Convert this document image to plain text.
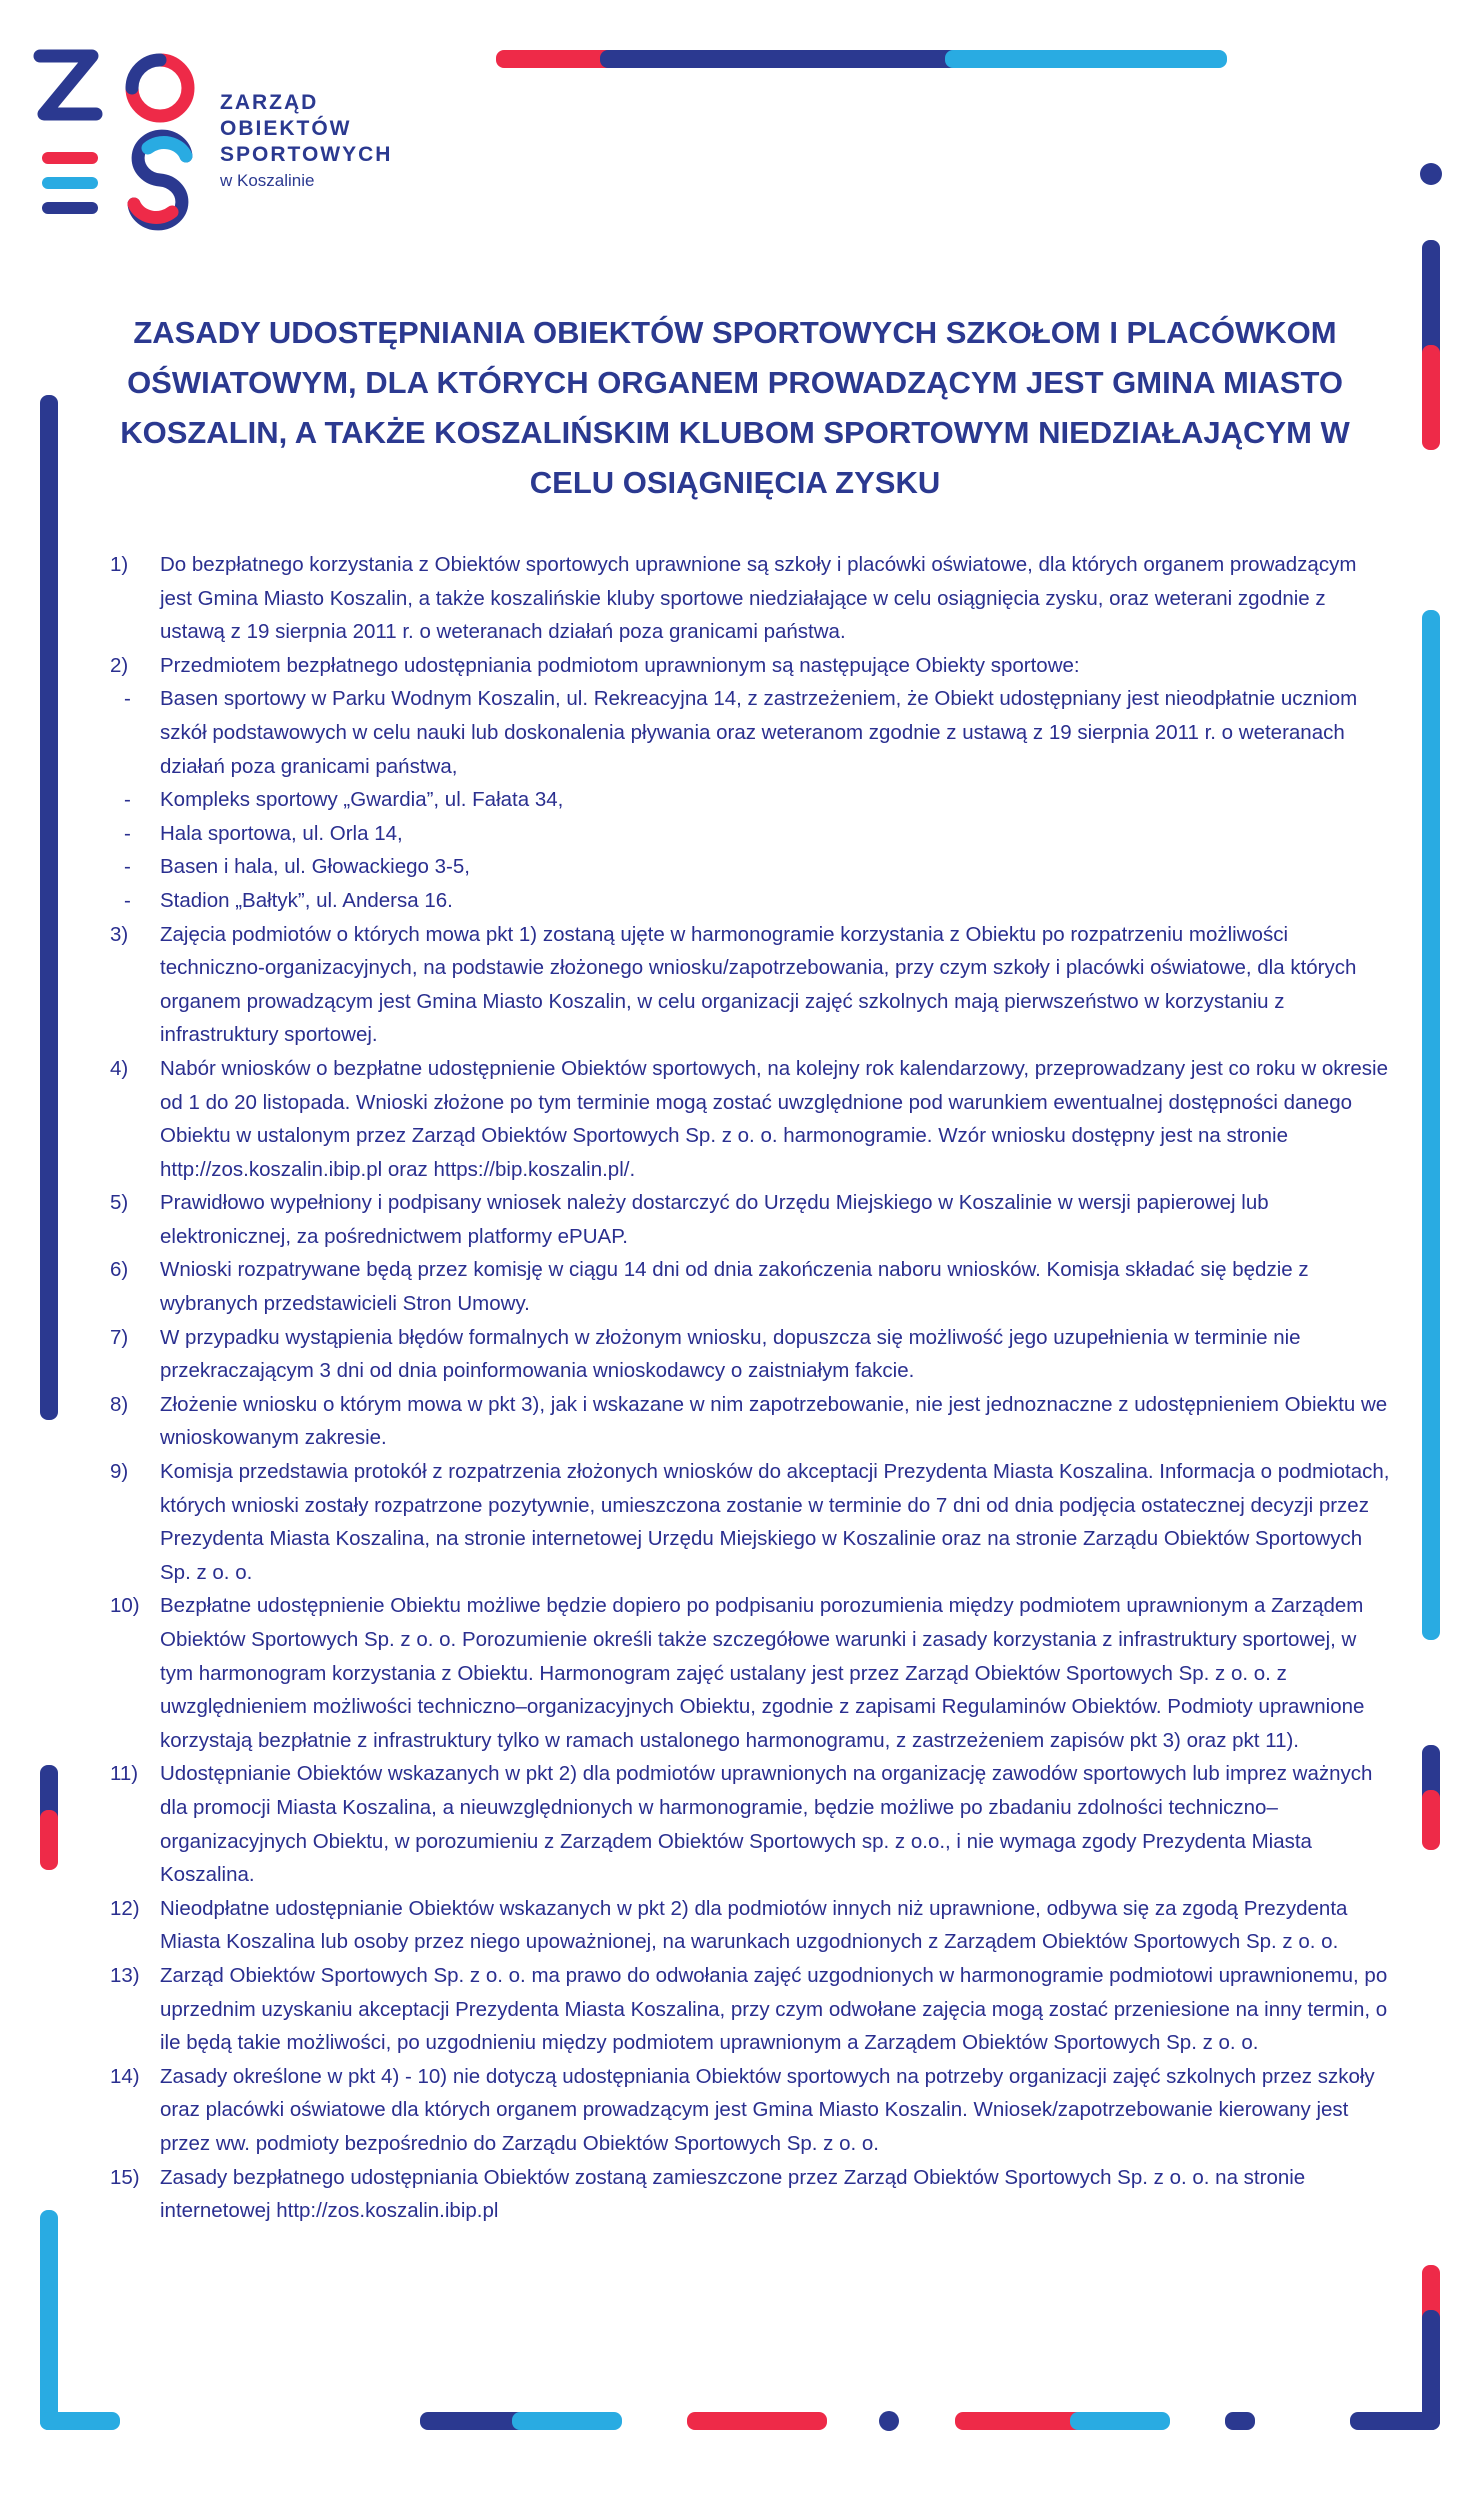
ZARZĄD
OBIEKTÓW
SPORTOWYCH
w Koszalinie
ZASADY UDOSTĘPNIANIA OBIEKTÓW SPORTOWYCH SZKOŁOM I PLACÓWKOM OŚWIATOWYM, DLA KTÓRYCH ORGANEM PROWADZĄCYM JEST GMINA MIASTO KOSZALIN, A TAKŻE KOSZALIŃSKIM KLUBOM SPORTOWYM NIEDZIAŁAJĄCYM W CELU OSIĄGNIĘCIA ZYSKU
1)	Do bezpłatnego korzystania z Obiektów sportowych uprawnione są szkoły i placówki oświatowe, dla których organem prowadzącym jest Gmina Miasto Koszalin, a także koszalińskie kluby sportowe niedziałające w celu osiągnięcia zysku, oraz weterani zgodnie z ustawą z 19 sierpnia 2011 r. o weteranach działań poza granicami państwa.
2)	Przedmiotem bezpłatnego udostępniania podmiotom uprawnionym są następujące Obiekty sportowe:
- Basen sportowy w Parku Wodnym Koszalin, ul. Rekreacyjna 14, z zastrzeżeniem, że Obiekt udostępniany jest nieodpłatnie uczniom szkół podstawowych w celu nauki lub doskonalenia pływania oraz weteranom zgodnie z ustawą z 19 sierpnia 2011 r. o weteranach działań poza granicami państwa,
- Kompleks sportowy „Gwardia”, ul. Fałata 34,
- Hala sportowa, ul. Orla 14,
- Basen i hala, ul. Głowackiego 3-5,
- Stadion „Bałtyk”, ul. Andersa 16.
3)	Zajęcia podmiotów o których mowa pkt 1) zostaną ujęte w harmonogramie korzystania z Obiektu po rozpatrzeniu możliwości techniczno-organizacyjnych, na podstawie złożonego wniosku/zapotrzebowania, przy czym szkoły i placówki oświatowe, dla których organem prowadzącym jest Gmina Miasto Koszalin, w celu organizacji zajęć szkolnych mają pierwszeństwo w korzystaniu z infrastruktury sportowej.
4)	Nabór wniosków o bezpłatne udostępnienie Obiektów sportowych, na kolejny rok kalendarzowy, przeprowadzany jest co roku w okresie od 1 do 20 listopada. Wnioski złożone po tym terminie mogą zostać uwzględnione pod warunkiem ewentualnej dostępności danego Obiektu w ustalonym przez Zarząd Obiektów Sportowych Sp. z o. o. harmonogramie. Wzór wniosku dostępny jest na stronie http://zos.koszalin.ibip.pl oraz https://bip.koszalin.pl/.
5)	Prawidłowo wypełniony i podpisany wniosek należy dostarczyć do Urzędu Miejskiego w Koszalinie w wersji papierowej lub elektronicznej, za pośrednictwem platformy ePUAP.
6)	Wnioski rozpatrywane będą przez komisję w ciągu 14 dni od dnia zakończenia naboru wniosków. Komisja składać się będzie z wybranych przedstawicieli Stron Umowy.
7)	W przypadku wystąpienia błędów formalnych w złożonym wniosku, dopuszcza się możliwość jego uzupełnienia w terminie nie przekraczającym 3 dni od dnia poinformowania wnioskodawcy o zaistniałym fakcie.
8)	Złożenie wniosku o którym mowa w pkt 3), jak i wskazane w nim zapotrzebowanie, nie jest jednoznaczne z udostępnieniem Obiektu we wnioskowanym zakresie.
9)	Komisja przedstawia protokół z rozpatrzenia złożonych wniosków do akceptacji Prezydenta Miasta Koszalina. Informacja o podmiotach, których wnioski zostały rozpatrzone pozytywnie, umieszczona zostanie w terminie do 7 dni od dnia podjęcia ostatecznej decyzji przez Prezydenta Miasta Koszalina, na stronie internetowej Urzędu Miejskiego w Koszalinie oraz na stronie Zarządu Obiektów Sportowych Sp. z o. o.
10) Bezpłatne udostępnienie Obiektu możliwe będzie dopiero po podpisaniu porozumienia między podmiotem uprawnionym a Zarządem Obiektów Sportowych Sp. z o. o. Porozumienie określi także szczegółowe warunki i zasady korzystania z infrastruktury sportowej, w tym harmonogram korzystania z Obiektu. Harmonogram zajęć ustalany jest przez Zarząd Obiektów Sportowych Sp. z o. o. z uwzględnieniem możliwości techniczno–organizacyjnych Obiektu, zgodnie z zapisami Regulaminów Obiektów. Podmioty uprawnione korzystają bezpłatnie z infrastruktury tylko w ramach ustalonego harmonogramu, z zastrzeżeniem zapisów pkt 3) oraz pkt 11).
11)	Udostępnianie Obiektów wskazanych w pkt 2) dla podmiotów uprawnionych na organizację zawodów sportowych lub imprez ważnych dla promocji Miasta Koszalina, a nieuwzględnionych w harmonogramie, będzie możliwe po zbadaniu zdolności techniczno–organizacyjnych Obiektu, w porozumieniu z Zarządem Obiektów Sportowych sp. z o.o., i nie wymaga zgody Prezydenta Miasta Koszalina.
12) Nieodpłatne udostępnianie Obiektów wskazanych w pkt 2) dla podmiotów innych niż uprawnione, odbywa się za zgodą Prezydenta Miasta Koszalina lub osoby przez niego upoważnionej, na warunkach uzgodnionych z Zarządem Obiektów Sportowych Sp. z o. o.
13) Zarząd Obiektów Sportowych Sp. z o. o. ma prawo do odwołania zajęć uzgodnionych w harmonogramie podmiotowi uprawnionemu, po uprzednim uzyskaniu akceptacji Prezydenta Miasta Koszalina, przy czym odwołane zajęcia mogą zostać przeniesione na inny termin, o ile będą takie możliwości, po uzgodnieniu między podmiotem uprawnionym a Zarządem Obiektów Sportowych Sp. z o. o.
14) Zasady określone w pkt 4) - 10) nie dotyczą udostępniania Obiektów sportowych na potrzeby organizacji zajęć szkolnych przez szkoły oraz placówki oświatowe dla których organem prowadzącym jest Gmina Miasto Koszalin. Wniosek/zapotrzebowanie kierowany jest przez ww. podmioty bezpośrednio do Zarządu Obiektów Sportowych Sp. z o. o.
15) Zasady bezpłatnego udostępniania Obiektów zostaną zamieszczone przez Zarząd Obiektów Sportowych Sp. z o. o. na stronie internetowej http://zos.koszalin.ibip.pl
